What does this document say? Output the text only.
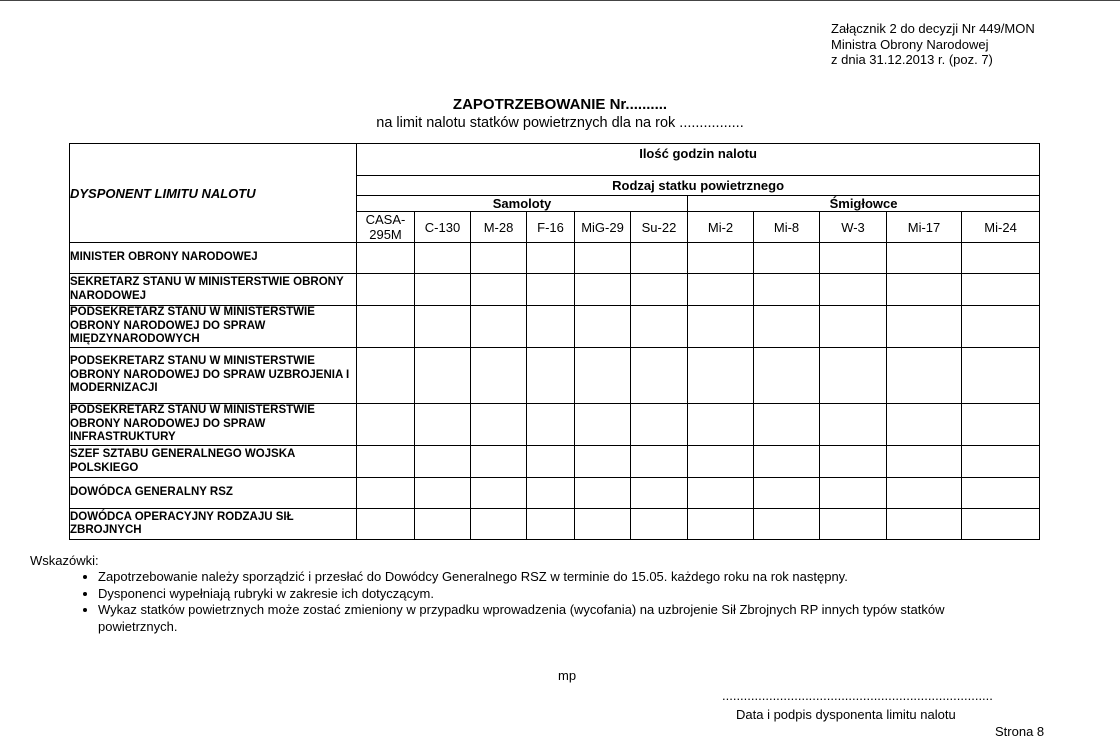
Załącznik 2 do decyzji Nr 449/MON
Ministra Obrony Narodowej
z dnia 31.12.2013 r. (poz. 7)
ZAPOTRZEBOWANIE Nr..........
na limit nalotu statków powietrznych dla na rok ................
DYSPONENT LIMITU NALOTU	Ilość godzin nalotu										
	Rodzaj statku powietrznego										
	Samoloty						Śmigłowce				
	CASA-295M	C-130	M-28	F-16	MiG-29	Su-22	Mi-2	Mi-8	W-3	Mi-17	Mi-24
MINISTER OBRONY NARODOWEJ											
SEKRETARZ STANU W MINISTERSTWIE OBRONY NARODOWEJ											
PODSEKRETARZ STANU W MINISTERSTWIE OBRONY NARODOWEJ DO SPRAW MIĘDZYNARODOWYCH											
PODSEKRETARZ STANU W MINISTERSTWIE OBRONY NARODOWEJ DO SPRAW UZBROJENIA I MODERNIZACJI											
PODSEKRETARZ STANU W MINISTERSTWIE OBRONY NARODOWEJ DO SPRAW INFRASTRUKTURY											
SZEF SZTABU GENERALNEGO WOJSKA POLSKIEGO											
DOWÓDCA GENERALNY RSZ											
DOWÓDCA OPERACYJNY RODZAJU SIŁ ZBROJNYCH											
Wskazówki:
• Zapotrzebowanie należy sporządzić i przesłać do Dowódcy Generalnego RSZ w terminie do 15.05. każdego roku na rok następny.
• Dysponenci wypełniają rubryki w zakresie ich dotyczącym.
• Wykaz statków powietrznych może zostać zmieniony w przypadku wprowadzenia (wycofania) na uzbrojenie Sił Zbrojnych RP innych typów statków powietrznych.
mp
...........................................................................
Data i podpis dysponenta limitu nalotu
Strona 8
